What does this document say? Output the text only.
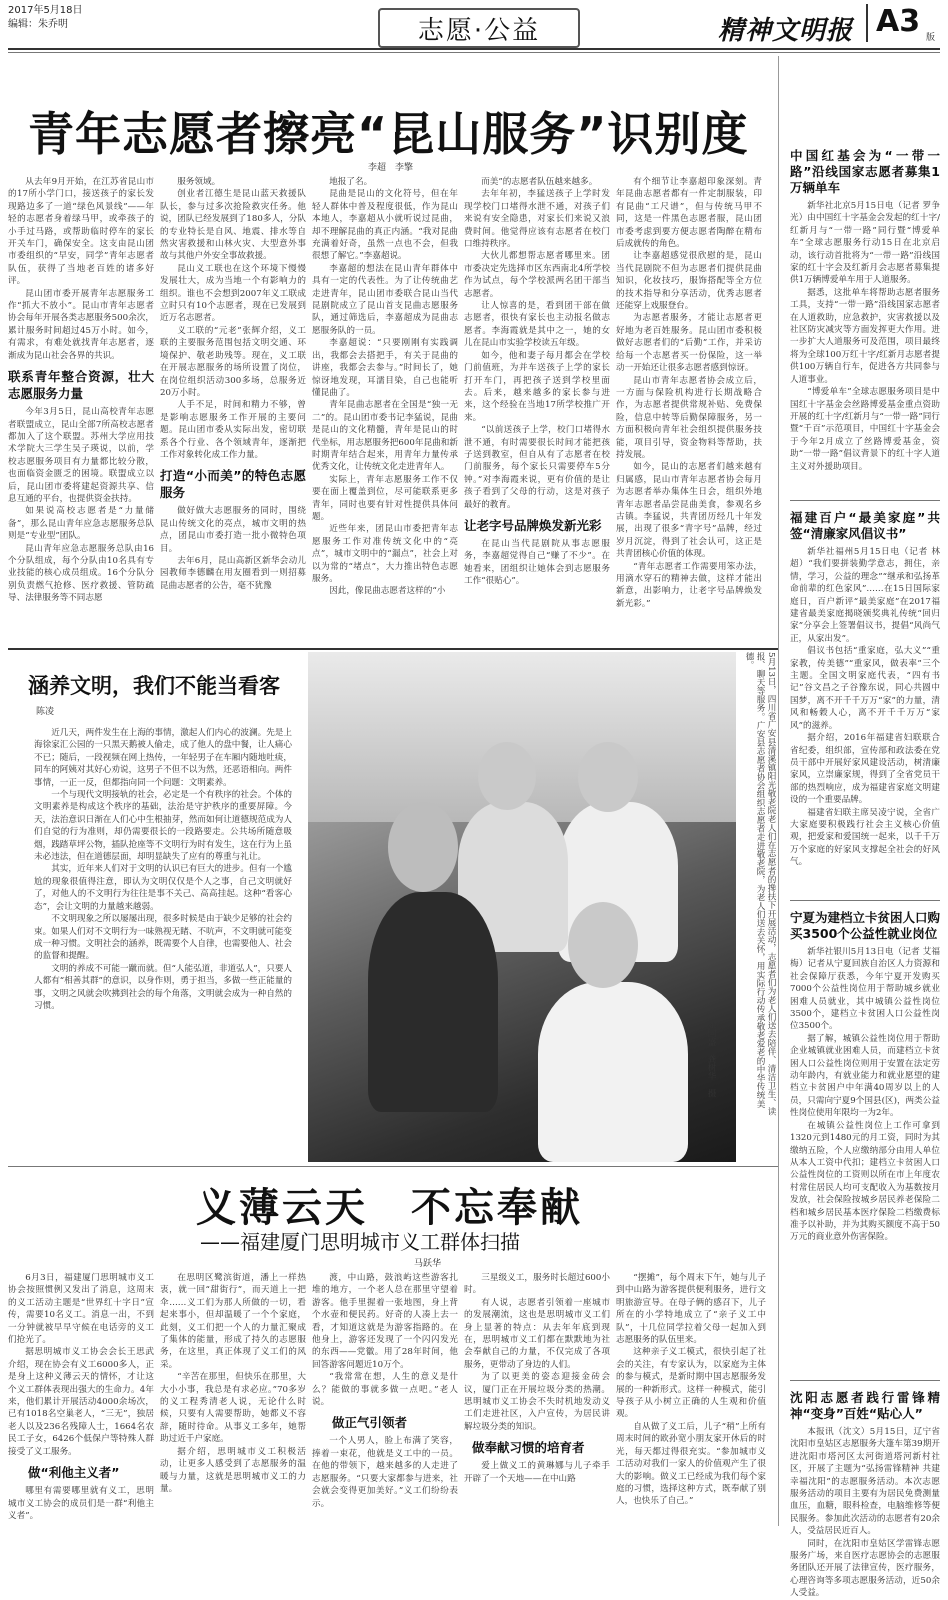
2017年5月18日
编辑：朱乔明	志愿·公益	精神文明报 A3 版
青年志愿者擦亮“昆山服务”识别度
李超　李擎

从去年9月开始，在江苏省昆山市的17所小学门口，接送孩子的家长发现路边多了一道“绿色风景线”——年轻的志愿者身着绿马甲，或牵孩子的小手过马路，或帮助临时停车的家长开关车门，确保安全。这支由昆山团市委组织的“早安，同学”青年志愿者队伍，获得了当地老百姓的诸多好评。

昆山团市委开展青年志愿服务工作“抓大不放小”。昆山市青年志愿者协会每年开展各类志愿服务500余次，累计服务时间超过45万小时。如今，有需求，有难处就找青年志愿者，逐渐成为昆山社会各界的共识。

联系青年整合资源，壮大志愿服务力量

今年3月5日，昆山高校青年志愿者联盟成立，昆山全部7所高校志愿者都加入了这个联盟。苏州大学应用技术学院大三学生吴子瑛说，以前，学校志愿服务项目有力量都比较分散，也面临资金匮乏的困境。联盟成立以后，昆山团市委将建起资源共享、信息互通的平台，也提供资金扶持。

如果说高校志愿者是“力量储备”，那么昆山青年应急志愿服务总队则是“专业型”团队。

昆山青年应急志愿服务总队由16个分队组成，每个分队由10名具有专业技能的核心成员组成。16个分队分别负责燃气抢修、医疗救援、管防疏导、法律服务等不同志愿

服务领域。

创业者江德生是昆山蓝天救援队队长，参与过多次抢险救灾任务。他说，团队已经发展到了180多人，分队的专业特长是自风、地震、排水等自然灾害救援和山林火灾、大型意外事故与其他户外安全事故救援。

昆山义工联也在这个环境下慢慢发展壮大，成为当地一个有影响力的组织。谁也不会想到2007年义工联成立时只有10个志愿者，现在已发展到近万名志愿者。

义工联的“元老”张辉介绍，义工联的主要服务范围包括文明交通、环境保护、敬老助残等。现在，义工联在开展志愿服务的场所设置了岗位，在岗位组织活动300多场，总服务近20万小时。

人手不足，时间和精力不够，曾是影响志愿服务工作开展的主要问题。昆山团市委从实际出发，密切联系各个行业、各个领域青年，逐渐把工作对象转化成工作力量。

打造“小而美”的特色志愿服务

做好做大志愿服务的同时，围绕昆山传统文化的亮点，城市文明的热点，团昆山市委打造一批小微特色项目。

去年6月，昆山高新区新华会动儿园教师李德麟在用友圈看到一则招募昆曲志愿者的公告，毫不犹豫

地报了名。

昆曲是昆山的文化符号，但在年轻人群体中普及程度很低，作为昆山本地人，李嘉超从小就听说过昆曲，却不理解昆曲的真正内涵。“我对昆曲充满着好奇，虽然一点也不会，但我很想了解它。”李嘉超说。

李嘉超的想法在昆山青年群体中具有一定的代表性。为了让传统曲艺走进青年，昆山团市委联合昆山当代昆剧院成立了昆山首支昆曲志愿服务队，通过筛选后，李嘉超成为昆曲志愿服务队的一员。

李嘉超说：“只要刚刚有实践调出，我都会去搭把手，有关于昆曲的讲座，我都会去参与。”时间长了，她惊讶地发现，耳濡目染，自己也能听懂昆曲了。

青年昆曲志愿者在全国是“独一无二”的。昆山团市委书记李猛说，昆曲是昆山的文化精髓，青年是昆山的时代坐标，用志愿服务把600年昆曲和新时期青年结合起来，用青年力量传承优秀文化，让传统文化走进青年人。

实际上，青年志愿服务工作不仅要在面上覆盖到位，尽可能联系更多青年，同时也要有针对性提供具体问题。

近些年来，团昆山市委把青年志愿服务工作对准传统文化中的“亮点”，城市文明中的“漏点”，社会上对以为常的“堵点”，大力推出特色志愿服务。

因此，像昆曲志愿者这样的“小

而美”的志愿者队伍越来越多。

去年年初，李猛送孩子上学时发现学校门口堵得水泄不通，对孩子们来说有安全隐患，对家长们来说又浪费时间。他觉得应该有志愿者在校门口维持秩序。

大伙儿都想帮志愿者哪里来。团市委决定先选择市区东西南北4所学校作为试点，每个学校派两名团干部当志愿者。

让人惊喜的是，看到团干部在做志愿者，很快有家长也主动报名做志愿者。李海霞就是其中之一，她的女儿在昆山市实验学校读五年级。

如今，他和妻子每月都会在学校门前值班，为并车送孩子上学的家长打开车门，再把孩子送到学校里面去。后来，越来越多的家长参与进来，这个经验在当地17所学校推广开来。

“以前送孩子上学，校门口堵得水泄不通，有时需要很长时间才能把孩子送到教室，但自从有了志愿者在校门前服务，每个家长只需要停车5分钟。”对李海霞来说，更有价值的是让孩子看到了父母的行动，这是对孩子最好的教育。

让老字号品牌焕发新光彩

在昆山当代昆剧院从事志愿服务，李嘉超觉得自己“赚了不少”。在她看来，团组织让她体会到志愿服务工作“很贴心”。

有个细节让李嘉超印象深刻。青年昆曲志愿者都有一件定制服装，印有昆曲“工尺谱”，但与传统马甲不同，这是一件黑色志愿者服，昆山团市委考虑到要方便志愿者陶醉在精布后成就传的角色。

让李嘉超感觉很欣慰的是，昆山当代昆剧院不但为志愿者们提供昆曲知识，化妆技巧，服饰搭配等全方位的技术指导和分享活动，优秀志愿者还能穿上戏服登台。

为志愿者服务，才能让志愿者更好地为老百姓服务。昆山团市委积极做好志愿者们的“后勤”工作，并采访给每一个志愿者买一份保险，这一举动一开始还让很多志愿者感到惊讶。

昆山市青年志愿者协会成立后，一方面与保险机构进行长期战略合作，为志愿者提供常规补贴、免费保险，信息中转等后勤保障服务，另一方面积极向青年社会组织提供服务技能，项目引导，资金物料等帮助，扶持发展。

如今，昆山的志愿者们越来越有归属感，昆山市青年志愿者协会每月为志愿者举办集体生日会，组织外地青年志愿者品尝昆曲美食，参观名乡古镇。李猛说，共青团历经几十年发展，出现了很多“青字号”品牌，经过岁月沉淀，得到了社会认可，这正是共青团核心价值的体现。

“青年志愿者工作需要用笨办法，用滴水穿石的精神去做，这样才能出新意，出影响力，让老字号品牌焕发新光彩。”

中国红基会为“一带一路”沿线国家志愿者募集1万辆单车

新华社北京5月15日电（记者 罗争光）由中国红十字基金会发起的红十字/红新月与“一带一路”同行暨“博爱单车”全球志愿服务行动15日在北京启动，该行动首批将为“一带一路”沿线国家的红十字会及红新月会志愿者募集提供1万辆博爱单车用于人道服务。

据悉，这批单车将帮助志愿者服务工具，支持“一带一路”沿线国家志愿者在人道救助，应急救护，灾害救援以及社区防灾减灾等方面发挥更大作用。进一步扩大人道服务可及范围，项目最终将为全球100万红十字/红新月志愿者提供100万辆自行车，促进各方共同参与人道事业。

“博爱单车”全球志愿服务项目是中国红十字基金会丝路博爱基金重点资助开展的红十字/红新月与“一带一路”同行暨“千百”示范项目，中国红十字基金会于今年2月成立了丝路博爱基金，资助“一带一路”倡议背景下的红十字人道主义对外援助项目。

福建百户“最美家庭”共签“清廉家风倡议书”

新华社福州5月15日电（记者 林超）“我们要拼装勤学意志，拥住，亲情，学习，公益的理念”“继承和弘扬革命前辈的红色家风”……在15日国际家庭日，百户新评“最美家庭”在2017福建省最美家庭揭晓颁奖典礼传统“回归家”分享会上签署倡议书，提倡“风尚气正，从家出发”。

倡议书包括“重家庭，弘大义”“重家教，传美德”“重家风，做表率”三个主题。全国文明家庭代表，“四有书记”谷文昌之子谷豫东说，同心共圆中国梦，离不开千千万万“家”的力量，清风和畅穀人心，离不开千千万万“家风”的滋养。

据介绍，2016年福建省妇联联合省纪委，组织部，宣传部和政法委在党员干部中开展好家风建设活动，树清廉家风，立崇廉家规，得到了全省党员干部的热烈响应，成为福建省家庭文明建设的一个重要品牌。

福建省妇联主席吴凌宁说，全省广大家庭要积极践行社会主义核心价值观，把爱家和爱国统一起来，以千千万万个家庭的好家风支撑起全社会的好风气。

宁夏为建档立卡贫困人口购买3500个公益性就业岗位

新华社银川5月13日电（记者 艾福梅）记者从宁夏回族自治区人力资源和社会保障厅获悉，今年宁夏开发购买7000个公益性岗位用于帮助城乡就业困难人员就业，其中城镇公益性岗位3500个，建档立卡贫困人口公益性岗位3500个。

据了解，城镇公益性岗位用于帮助企业城镇就业困难人员，而建档立卡贫困人口公益性岗位则用于安置在法定劳动年龄内，有就业能力和就业愿望的建档立卡贫困户中年满40周岁以上的人员，只需向宁夏9个国县(区)，两类公益性岗位使用年限均一为2年。

在城镇公益性岗位上工作可拿到1320元到1480元的月工资，同时为其缴纳五险，个人应缴纳部分由用人单位从本人工资中代扣；建档立卡贫困人口公益性岗位的工资则以所在市上年度农村常住居民人均可支配收入为基数按月发放，社会保险按城乡居民养老保险二档和城乡居民基本医疗保险二档缴费标准予以补助，并为其购买额度不高于50万元的商业意外伤害保险。

沈阳志愿者践行雷锋精神“变身”百姓“贴心人”

本报讯（沈文）5月15日，辽宁省沈阳市皇姑区志愿服务大篷车第39期开进沈阳市塔河区太河街道塔河新村社区，开展了主题为“弘扬雷锋精神 共建幸福沈阳”的志愿服务活动。本次志愿服务活动的项目主要有为居民免费测量血压，血糖，眼科检查，电脑维修等便民服务。参加此次活动的志愿者有20余人，受益居民近百人。

同时，在沈阳市皇姑区学雷锋志愿服务广场，来自医疗志愿协会的志愿服务团队还开展了法律宣传，医疗服务，心理咨询等多项志愿服务活动，近50余人受益。

涵养文明，我们不能当看客
陈凌

近几天，两件发生在上海的事情，激起人们内心的波澜。先是上海徐家汇公园的一只黑天鹅被人偷走，成了他人的盘中餐，让人痛心不已；随后，一段视频在网上热传，一年轻男子在车厢内随地吐痰，同车的阿姨对其好心劝说，这男子不但不以为然，还恶语相向。两件事情，一正一反，但都指向同一个问题：文明素养。

一个与现代文明接轨的社会，必定是一个有秩序的社会。个体的文明素养是构成这个秩序的基础，法治是守护秩序的重要屏障。今天，法治意识日渐在人们心中生根抽芽，然而如何让道德规范成为人们自觉的行为准则，却仍需要很长的一段路要走。公共场所随意吸烟，践踏草坪公物，插队抢座等不文明行为时有发生，这在行为上虽未必违法，但在道德层面，却明显缺失了应有的尊重与礼让。

其实，近年来人们对于文明的认识已有巨大的进步。但有一个尴尬的现象很值得注意，即认为文明仅仅是个人之事，自己文明就好了，对他人的不文明行为往往是事不关己、高高挂起。这种“看客心态”，会让文明的力量越来越弱。

不文明现象之所以屡屡出现，很多时候是由于缺少足够的社会约束。如果人们对不文明行为一味熟视无睹、不吭声，不文明就可能变成一种习惯。文明社会的涵养，既需要个人自律，也需要他人、社会的监督和提醒。

文明的养成不可能一蹴而就。但“人能弘道，非道弘人”，只要人人都有“相善其群”的意识，以身作则，勇于担当，多做一些正能量的事，文明之风就会吹拂到社会的每个角落，文明就会成为一种自然的习惯。	5月13日，四川省广安县清溪镇阳光敬老院老人们在志愿者的搀扶下开展活动，志愿者们为老人们送去陪伴、清洁卫生、读报、聊天等服务。广安县志愿者协会组织志愿者走进敬老院，为老人们送去关怀，用实际行动传承敬老爱老的中华传统美德。
张国盛　龚树华　摄
义薄云天　不忘奉献
——福建厦门思明城市义工群体扫描
马跃华

6月3日，福建厦门思明城市义工协会按照惯例又发出了消息，这周末的义工活动主题是“世界红十字日”宣传，需要10名义工。消息一出，不到一分钟就被早早守候在电话旁的义工们抢光了。

据思明城市义工协会会长王思武介绍，现在协会有义工6000多人，正是身上这种义薄云天的情怀，才让这个义工群体表现出强大的生命力。4年来，他们累计开展活动4000余场次，已有1018名空巢老人，“三无”，独居老人以及236名残障人士，1664名农民工子女，6426个低保户等特殊人群接受了义工服务。

做“利他主义者”

哪里有需要哪里就有义工，思明城市义工协会的成员们是一群“利他主义者”。

在思明区鹭滨街道，潘上一样热衷，就一回“甜街行”，而天道上一把伞……义工们为那人所做的一切，看起来事小，但却温暖了一个个家庭，此刻，义工们把一个人的力量汇聚成了集体的能量，形成了持久的志愿服务，在这里，真正体现了义工们的风采。

“辛苦在那里，但快乐在那里，大大小小事，我总是有求必应。”70多岁的义工程秀清老人说，无论什么时候，只要有人需要帮助，她都义不容辞，随时待命。从事义工多年，她帮助过近千户家庭。

据介绍，思明城市义工积极活动，让更多人感受到了志愿服务的温暖与力量，这就是思明城市义工的力量。

渡，中山路，鼓浪屿这些游客扎堆的地方，一个老人总在那里守望着游客。他手里握着一张地图，身上背个水壶和便民药。好奇的人凑上去一看，才知道这就是为游客指路的。在他身上，游客还发现了一个闪闪发光的东西——党徽。用了28年时间，他回答游客问题近10万个。

“我常常在想，人生的意义是什么？能做的事就多做一点吧。”老人说。

做正气引领者

一个人男人，脸上布满了笑容，捧着一束花，他就是义工中的一员。在他的带领下，越来越多的人走进了志愿服务。“只要大家都参与进来，社会就会变得更加美好。”义工们纷纷表示。

三星级义工，服务时长超过600小时。

有人说，志愿者引领着一座城市的发展潮流，这也是思明城市义工们身上显著的特点：从去年年底到现在，思明城市义工们都在默默地为社会奉献自己的力量，不仅完成了各项服务，更带动了身边的人们。

为了以更美的姿态迎接金砖会议，厦门正在开展垃圾分类的热潮。思明城市义工协会不失时机地发动义工们走进社区，入户宣传，为居民讲解垃圾分类的知识。

做奉献习惯的培育者

爱上做义工的黄琳娜与儿子牵手开辟了一个天地——在中山路

“摆摊”，每个周末下午，她与儿子到中山路为游客提供便利服务，进行文明旅游宣导。在母子俩的感召下，儿子所在的小学特地成立了“亲子义工中队”，十几位同学拉着父母一起加入到志愿服务的队伍里来。

这种亲子义工模式，很快引起了社会的关注，有专家认为，以家庭为主体的参与模式，是新时期中国志愿服务发展的一种新形式。这样一种模式，能引导孩子从小树立正确的人生观和价值观。

自从做了义工后，儿子“稍”上所有周末时间的欧孙宽小朋友家开休后的时光，每天都过得很充实。“参加城市义工活动对我们一家人的价值观产生了很大的影响。做义工已经成为我们每个家庭的习惯，选择这种方式，既奉献了别人，也快乐了自己。”
